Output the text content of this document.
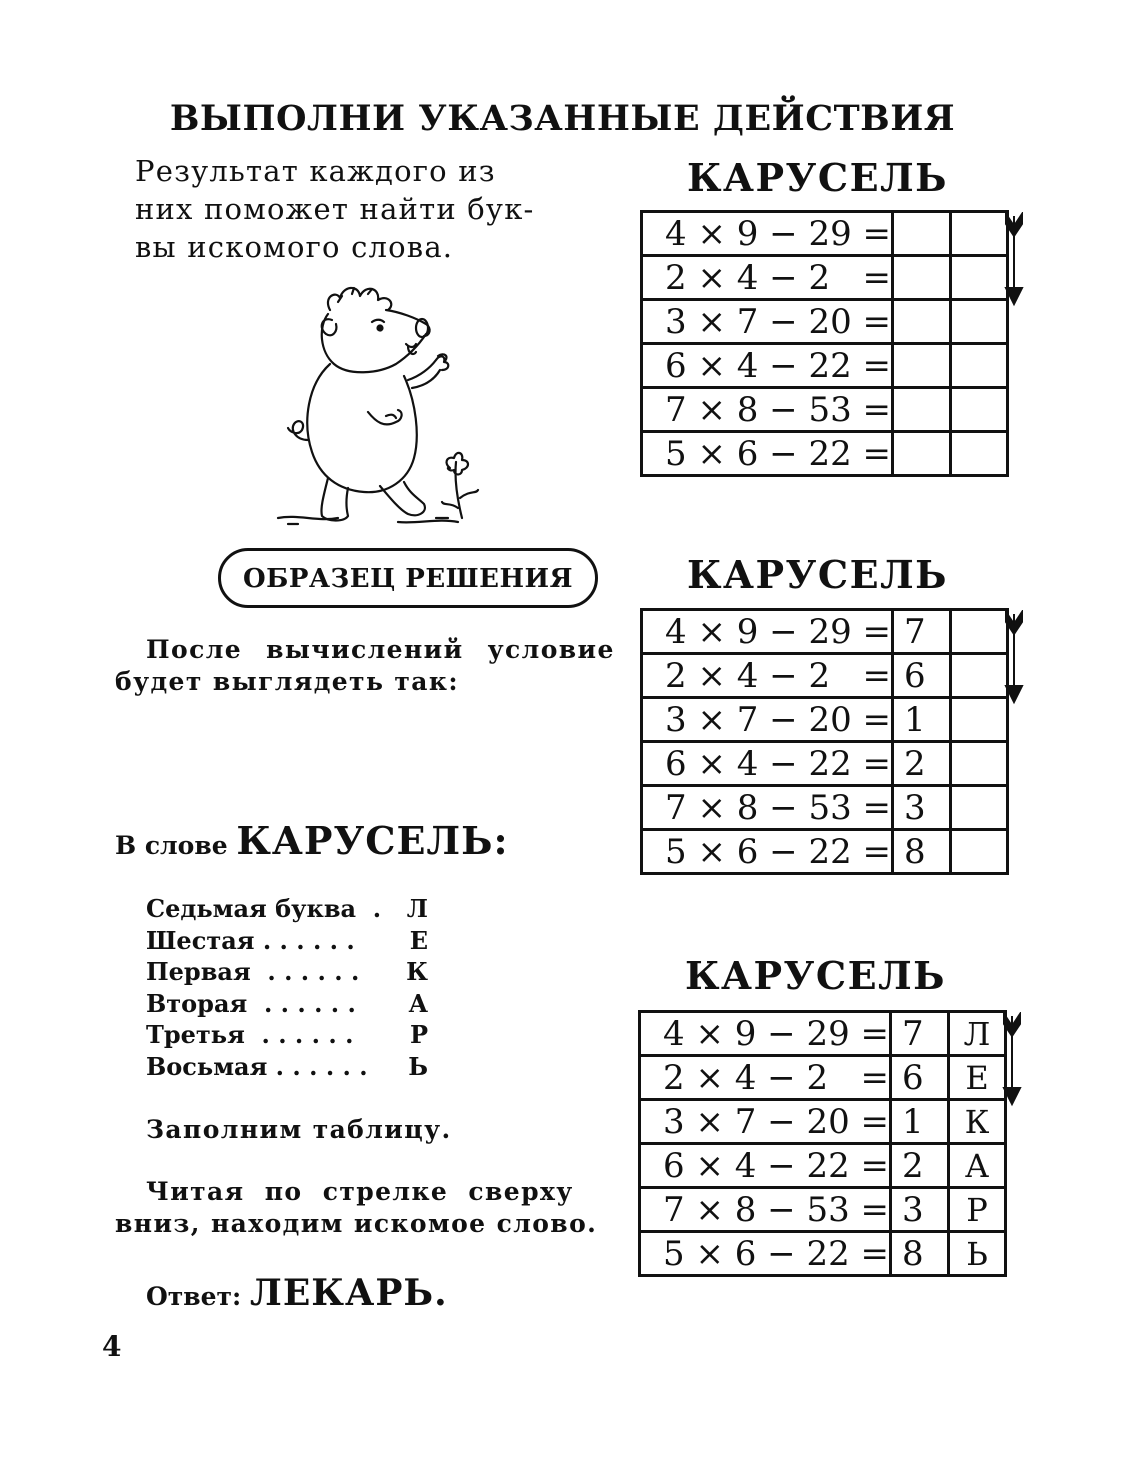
ВЫПОЛНИ УКАЗАННЫЕ ДЕЙСТВИЯ
Результат каждого из
них поможет найти бук-
вы искомого слова.
ОБРАЗЕЦ РЕШЕНИЯ
После вычислений условие
будет выглядеть так:
В слове КАРУСЕЛЬ:
Седьмая буква  . Л
Шестая . . . . . . Е
Первая  . . . . . . К
Вторая  . . . . . . А
Третья  . . . . . . Р
Восьмая . . . . . . Ь
Заполним таблицу.
Читая  по  стрелке  сверху
вниз, находим искомое слово.
Ответ: ЛЕКАРЬ.
4
КАРУСЕЛЬ
4 × 9 − 29 =		
2 × 4 − 2   =		
3 × 7 − 20 =		
6 × 4 − 22 =		
7 × 8 − 53 =		
5 × 6 − 22 =		
КАРУСЕЛЬ
4 × 9 − 29 =	7	
2 × 4 − 2   =	6	
3 × 7 − 20 =	1	
6 × 4 − 22 =	2	
7 × 8 − 53 =	3	
5 × 6 − 22 =	8	
КАРУСЕЛЬ
4 × 9 − 29 =	7	Л
2 × 4 − 2   =	6	Е
3 × 7 − 20 =	1	К
6 × 4 − 22 =	2	А
7 × 8 − 53 =	3	Р
5 × 6 − 22 =	8	Ь
